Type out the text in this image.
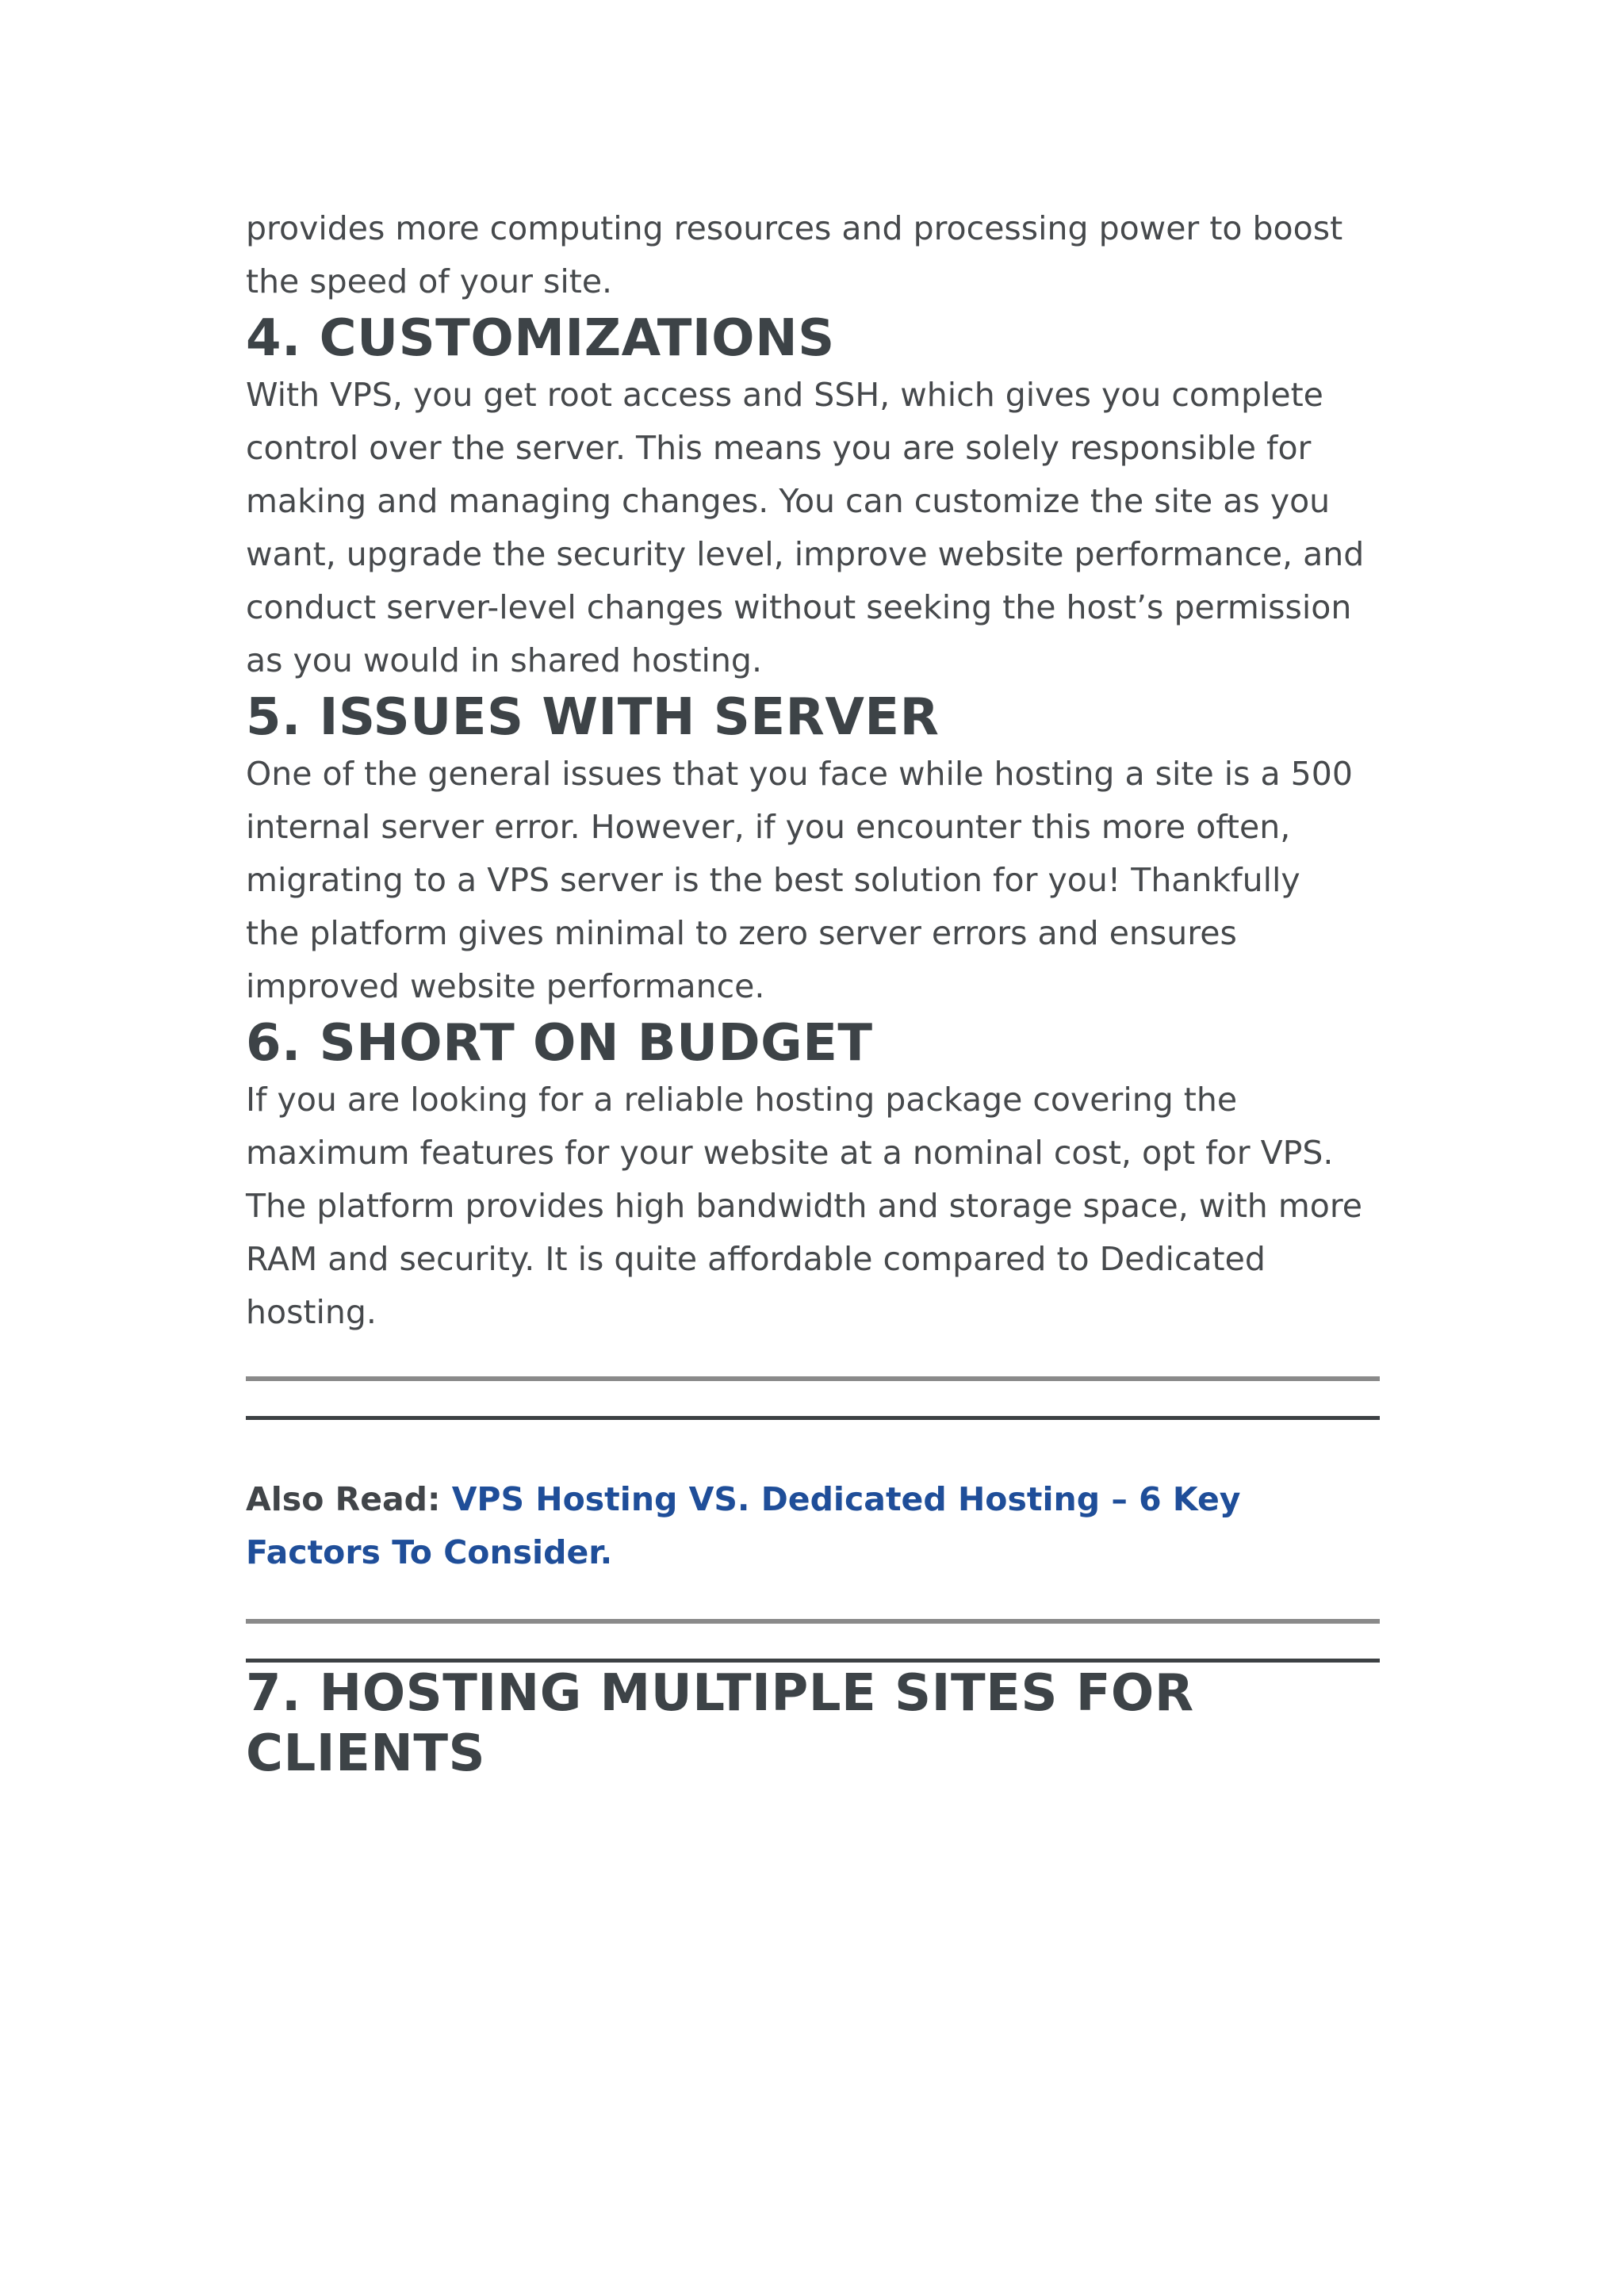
provides more computing resources and processing power to boost
the speed of your site.

4. CUSTOMIZATIONS

With VPS, you get root access and SSH, which gives you complete
control over the server. This means you are solely responsible for
making and managing changes. You can customize the site as you
want, upgrade the security level, improve website performance, and
conduct server-level changes without seeking the host’s permission
as you would in shared hosting.

5. ISSUES WITH SERVER

One of the general issues that you face while hosting a site is a 500
internal server error. However, if you encounter this more often,
migrating to a VPS server is the best solution for you! Thankfully
the platform gives minimal to zero server errors and ensures
improved website performance.

6. SHORT ON BUDGET

If you are looking for a reliable hosting package covering the
maximum features for your website at a nominal cost, opt for VPS.
The platform provides high bandwidth and storage space, with more
RAM and security. It is quite affordable compared to Dedicated
hosting.

Also Read: VPS Hosting VS. Dedicated Hosting – 6 Key
Factors To Consider.
7. HOSTING MULTIPLE SITES FOR
CLIENTS
